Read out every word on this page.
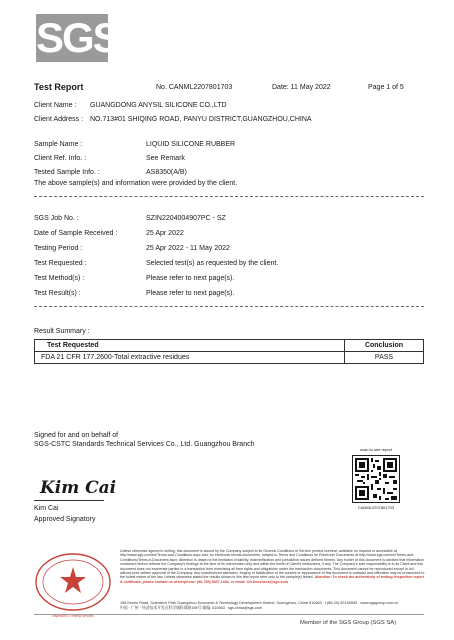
SGS
Test Report	No. CANML2207801703	Date: 11 May 2022	Page 1 of 5
Client Name : GUANGDONG ANYSIL SILICONE CO.,LTD
Client Address : NO.713#01 SHIQING ROAD, PANYU DISTRICT,GUANGZHOU,CHINA
Sample Name :	LIQUID SILICONE RUBBER
Client Ref. Info. :	See Remark
Tested Sample Info. :	AS8350(A/B)
The above sample(s) and information were provided by the client.
SGS Job No. :	SZIN2204004907PC - SZ
Date of Sample Received :	25 Apr 2022
Testing Period :	25 Apr 2022 - 11 May 2022
Test Requested :	Selected test(s) as requested by the client.
Test Method(s) :	Please refer to next page(s).
Test Result(s) :	Please refer to next page(s).
Result Summary :
Test Requested	Conclusion
FDA 21 CFR 177.2600-Total extractive residues	PASS
Signed for and on behalf of
SGS-CSTC Standards Technical Services Co., Ltd. Guangzhou Branch
Kim Cai
Kim Cai
Approved Signatory
scan to see report
CANML2207801703
Inspection & Testing Services
Unless otherwise agreed in writing, this document is issued by the Company subject to its General Conditions of Service printed overleaf, available on request or accessible at http://www.sgs.com/en/Terms-and-Conditions.aspx and, for electronic format documents, subject to Terms and Conditions for Electronic Documents at http://www.sgs.com/en/Terms-and-Conditions/Terms-e-Document.aspx. Attention is drawn to the limitation of liability, indemnification and jurisdiction issues defined therein. Any holder of this document is advised that information contained hereon reflects the Company's findings at the time of its intervention only and within the limits of Client's instructions, if any. The Company's sole responsibility is to its Client and this document does not exonerate parties to a transaction from exercising all their rights and obligations under the transaction documents. This document cannot be reproduced except in full, without prior written approval of the Company. Any unauthorized alteration, forgery or falsification of the content or appearance of this document is unlawful and offenders may be prosecuted to the fullest extent of the law. Unless otherwise stated the results shown in this test report refer only to the sample(s) tested. Attention: To check the authenticity of testing /inspection report & certificate, please contact us at telephone: (86-755) 8307 1443, or email: CN.Doccheck@sgs.com
198 Kezhu Road, Scientech Park Guangzhou Economic & Technology Development District, Guangzhou, China 510663 t (86-20) 82155555 www.sgsgroup.com.cn
中国 · 广州 · 经济技术开发区科学城科珠路198号 邮编: 510663 sgs.china@sgs.com
Member of the SGS Group (SGS SA)
